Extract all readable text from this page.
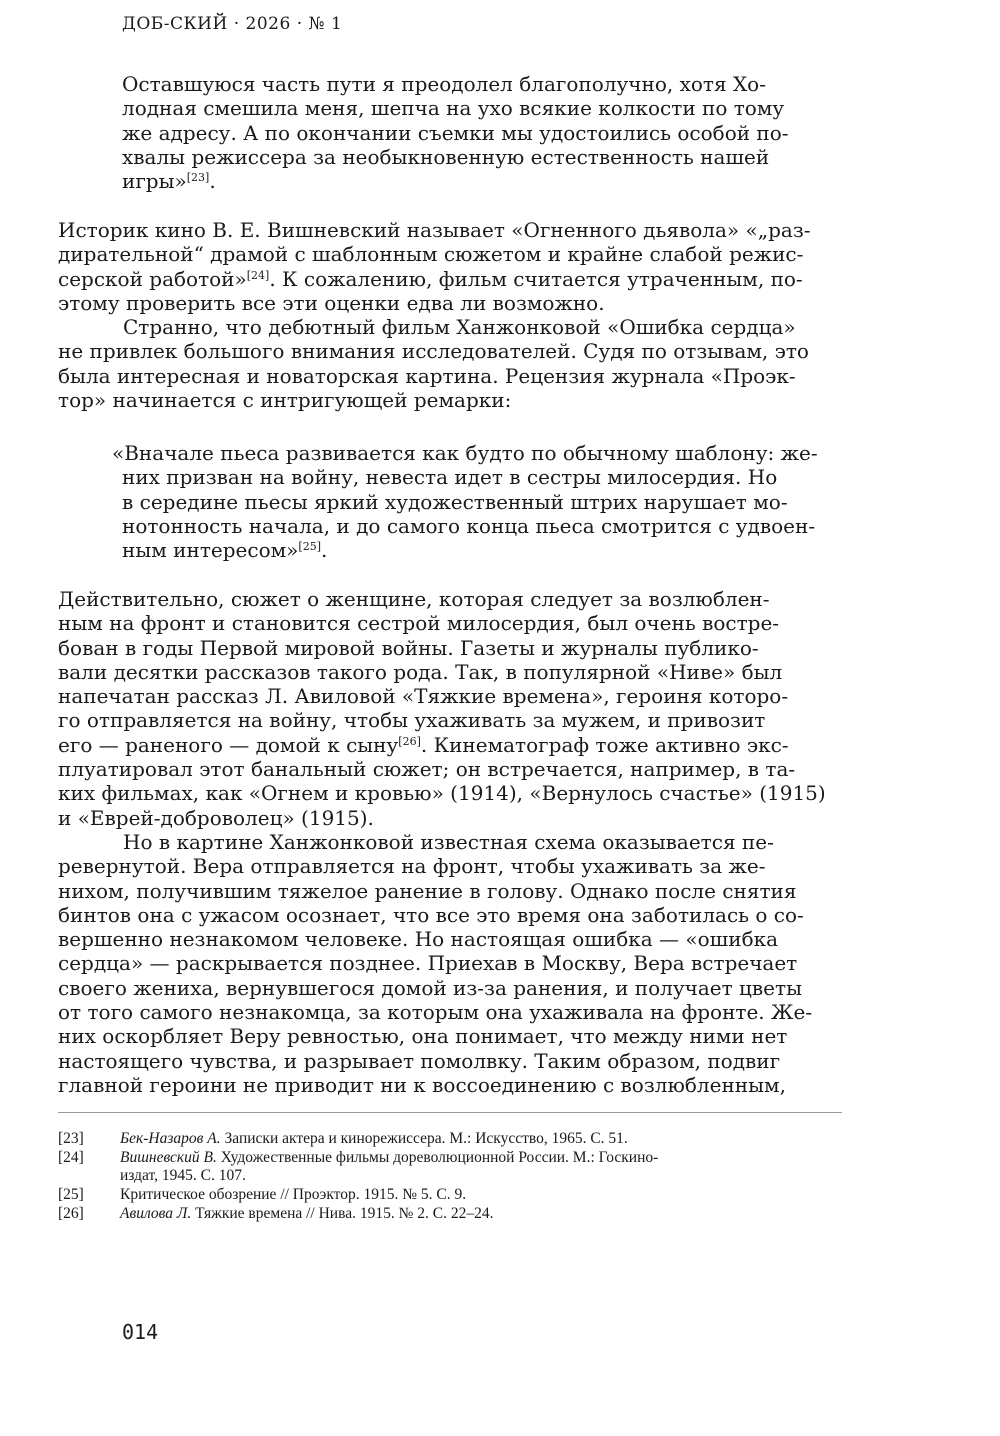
ДОБ-СКИЙ · 2026 · № 1
Оставшуюся часть пути я преодолел благополучно, хотя Хо-
лодная смешила меня, шепча на ухо всякие колкости по тому
же адресу. А по окончании съемки мы удостоились особой по-
хвалы режиссера за необыкновенную естественность нашей
игры»[23].
Историк кино В. Е. Вишневский называет «Огненного дьявола» «„раз-
дирательной“ драмой с шаблонным сюжетом и крайне слабой режис-
серской работой»[24]. К сожалению, фильм считается утраченным, по-
этому проверить все эти оценки едва ли возможно.
Странно, что дебютный фильм Ханжонковой «Ошибка сердца»
не привлек большого внимания исследователей. Судя по отзывам, это
была интересная и новаторская картина. Рецензия журнала «Проэк-
тор» начинается с интригующей ремарки:
«Вначале пьеса развивается как будто по обычному шаблону: же-
них призван на войну, невеста идет в сестры милосердия. Но
в середине пьесы яркий художественный штрих нарушает мо-
нотонность начала, и до самого конца пьеса смотрится с удвоен-
ным интересом»[25].
Действительно, сюжет о женщине, которая следует за возлюблен-
ным на фронт и становится сестрой милосердия, был очень востре-
бован в годы Первой мировой войны. Газеты и журналы публико-
вали десятки рассказов такого рода. Так, в популярной «Ниве» был
напечатан рассказ Л. Авиловой «Тяжкие времена», героиня которо-
го отправляется на войну, чтобы ухаживать за мужем, и привозит
его — раненого — домой к сыну[26]. Кинематограф тоже активно экс-
плуатировал этот банальный сюжет; он встречается, например, в та-
ких фильмах, как «Огнем и кровью» (1914), «Вернулось счастье» (1915)
и «Еврей-доброволец» (1915).
Но в картине Ханжонковой известная схема оказывается пе-
ревернутой. Вера отправляется на фронт, чтобы ухаживать за же-
нихом, получившим тяжелое ранение в голову. Однако после снятия
бинтов она с ужасом осознает, что все это время она заботилась о со-
вершенно незнакомом человеке. Но настоящая ошибка — «ошибка
сердца» — раскрывается позднее. Приехав в Москву, Вера встречает
своего жениха, вернувшегося домой из-за ранения, и получает цветы
от того самого незнакомца, за которым она ухаживала на фронте. Же-
них оскорбляет Веру ревностью, она понимает, что между ними нет
настоящего чувства, и разрывает помолвку. Таким образом, подвиг
главной героини не приводит ни к воссоединению с возлюбленным,
[23] Бек-Назаров А. Записки актера и кинорежиссера. М.: Искусство, 1965. С. 51.
[24] Вишневский В. Художественные фильмы дореволюционной России. М.: Госкино-
издат, 1945. С. 107.
[25] Критическое обозрение // Проэктор. 1915. № 5. С. 9.
[26] Авилова Л. Тяжкие времена // Нива. 1915. № 2. С. 22–24.
014
